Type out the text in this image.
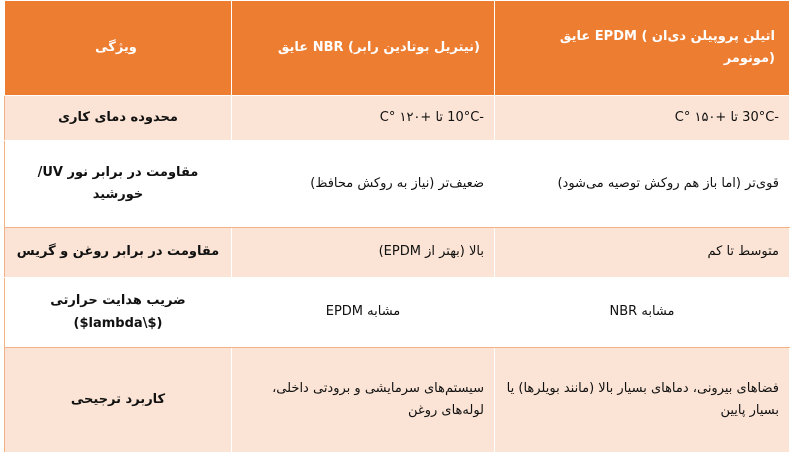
اتیلن پروپیلن دی‌ان ) EPDM عایق (مونومر	(نیتریل بوتادین رابر) NBR عایق	ویژگی
-30°C تا +۱۵۰ °C	-10°C تا +۱۲۰ °C	محدوده دمای کاری
قوی‌تر (اما باز هم روکش توصیه می‌شود)	ضعیف‌تر (نیاز به روکش محافظ)	مقاومت در برابر نور UV/خورشید
متوسط تا کم	بالا (بهتر از EPDM)	مقاومت در برابر روغن و گریس
مشابه NBR	مشابه EPDM	ضریب هدایت حرارتی ($\lambda$)
فضاهای بیرونی، دماهای بسیار بالا (مانند بویلرها) یا بسیار پایین	سیستم‌های سرمایشی و برودتی داخلی، لوله‌های روغن	کاربرد ترجیحی
